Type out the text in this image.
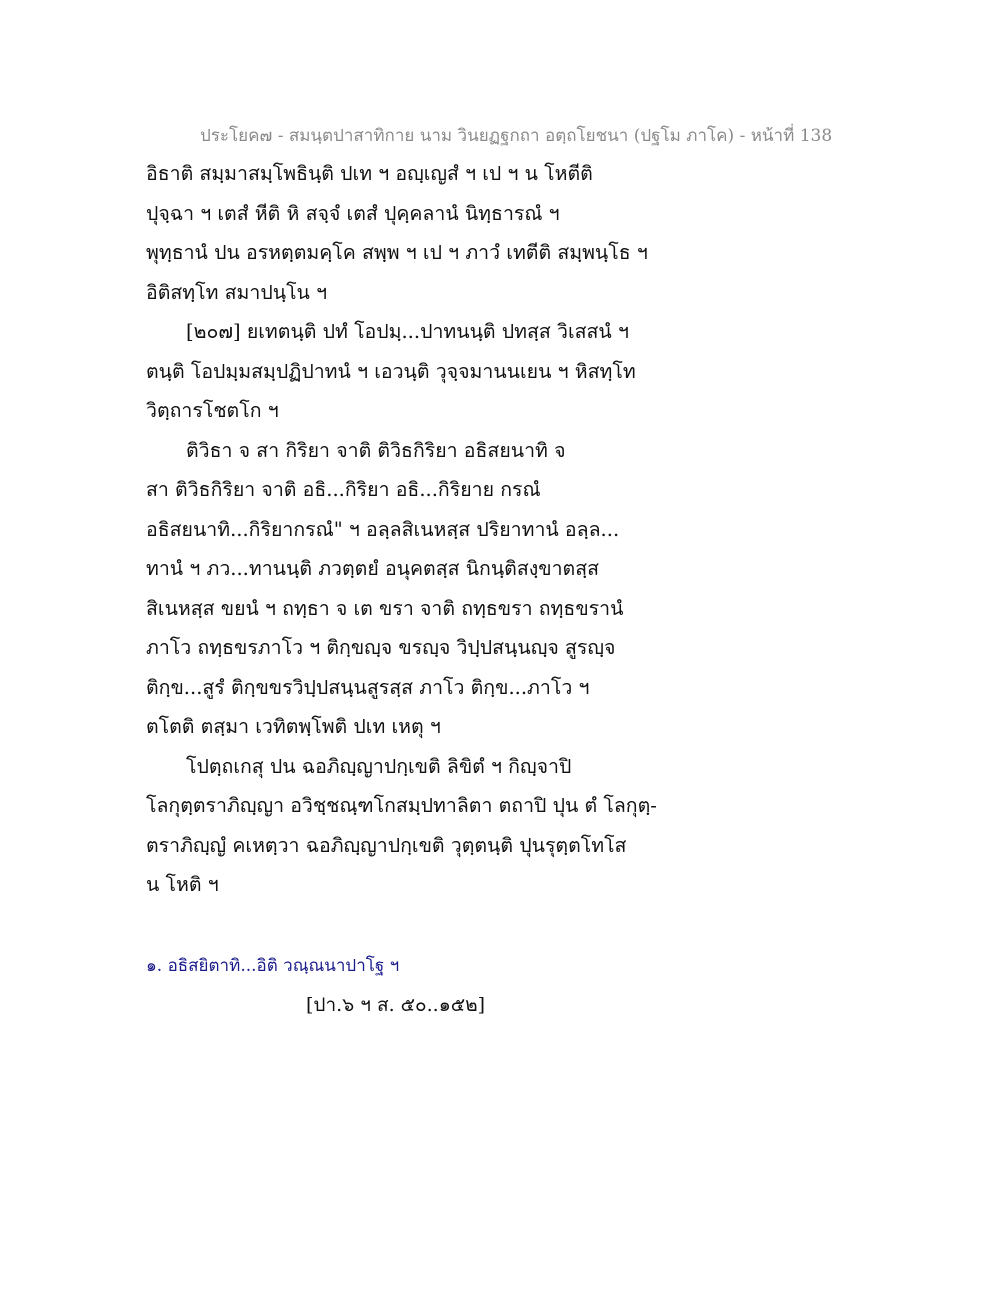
ประโยค๗ - สมนฺตปาสาทิกาย นาม วินยฏฐกถา อตฺถโยชนา (ปฐโม ภาโค) - หน้าที่ 138
อิธาติ สมฺมาสมฺโพธินฺติ ปเท ฯ อญฺเญสํ ฯ เป ฯ น โหตีติ
ปุจฺฉา ฯ เตสํ หีติ หิ สจฺจํ เตสํ ปุคฺคลานํ นิทฺธารณํ ฯ
พุทฺธานํ ปน อรหตฺตมคฺโค สพฺพ ฯ เป ฯ ภาวํ เทตีติ สมฺพนฺโธ ฯ
อิติสทฺโท สมาปนฺโน ฯ
[๒๐๗] ยเทตนฺติ ปทํ โอปมฺ...ปาทนนฺติ ปทสฺส วิเสสนํ ฯ
ตนฺติ โอปมฺมสมฺปฏิปาทนํ ฯ เอวนฺติ วุจฺจมานนเยน ฯ หิสทฺโท
วิตฺถารโชตโก ฯ
ติวิธา จ สา กิริยา จาติ ติวิธกิริยา อธิสยนาทิ จ
สา ติวิธกิริยา จาติ อธิ...กิริยา อธิ...กิริยาย กรณํ
อธิสยนาทิ...กิริยากรณํ" ฯ อลฺลสิเนหสฺส ปริยาทานํ อลฺล...
ทานํ ฯ ภว...ทานนฺติ ภวตฺตยํ อนุคตสฺส นิกนฺติสงฺขาตสฺส
สิเนหสฺส ขยนํ ฯ ถทฺธา จ เต ขรา จาติ ถทฺธขรา ถทฺธขรานํ
ภาโว ถทฺธขรภาโว ฯ ติกฺขญฺจ ขรญฺจ วิปฺปสนฺนญฺจ สูรญฺจ
ติกฺข...สูรํ ติกฺขขรวิปฺปสนฺนสูรสฺส ภาโว ติกฺข...ภาโว ฯ
ตโตติ ตสฺมา เวทิตพฺโพติ ปเท เหตุ ฯ
โปตฺถเกสุ ปน ฉอภิญฺญาปกฺเขติ ลิขิตํ ฯ กิญฺจาปิ
โลกุตฺตราภิญฺญา อวิชฺชณฺฑโกสมฺปทาลิตา ตถาปิ ปุน ตํ โลกุตฺ-
ตราภิญฺญํ คเหตฺวา ฉอภิญฺญาปกฺเขติ วุตฺตนฺติ ปุนรุตฺตโทโส
น โหติ ฯ
๑. อธิสยิตาทิ...อิติ วณฺณนาปาโฐ ฯ
[ปา.๖ ฯ ส. ๕๐..๑๕๒]
